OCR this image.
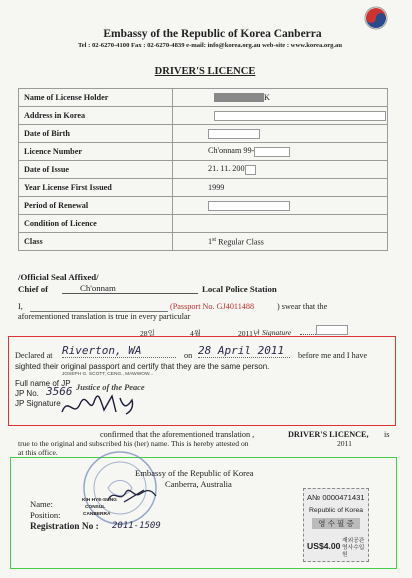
Embassy of the Republic of Korea Canberra
Tel : 02-6270-4100 Fax : 02-6270-4839 e-mail: info@korea.org.au web-site : www.korea.org.au
DRIVER'S LICENCE
Name of License Holder	K
Address in Korea	
Date of Birth	
Licence Number	Ch'onnam 99-
Date of Issue	21. 11. 200
Year License First Issued	1999
Period of Renewal	
Condition of Licence	
Class	1st Regular Class
/Official Seal Affixed/
Chief of	Ch'onnam	Local Police Station
I,	(Passport No. GJ4011488	) swear that the
aforementioned translation is true in every particular
28일	4월	2011년 Signature
Declared at Riverton, WA	on 28 April 2011	before me and I have
sighted their original passport and certify that they are the same person.
JOSEPH G. SCOTT, CENG., MAWWOW...
Full name of JP
JP No. 3566
JP Signature
Justice of the Peace
confirmed that the aforementioned translation ,	DRIVER'S LICENCE, is
true to the original and subscribed his (her) name. This is hereby attested on	2011
at this office.
Embassy of the Republic of Korea
Canberra, Australia
Name:
Position:
KIH HYE-SUNG
CONSUL
CANBERRA
Registration No : 2011-1509
A№ 0000471431
Republic of Korea
영 수 필 증
US$4.00 재외공관
영사수입원
